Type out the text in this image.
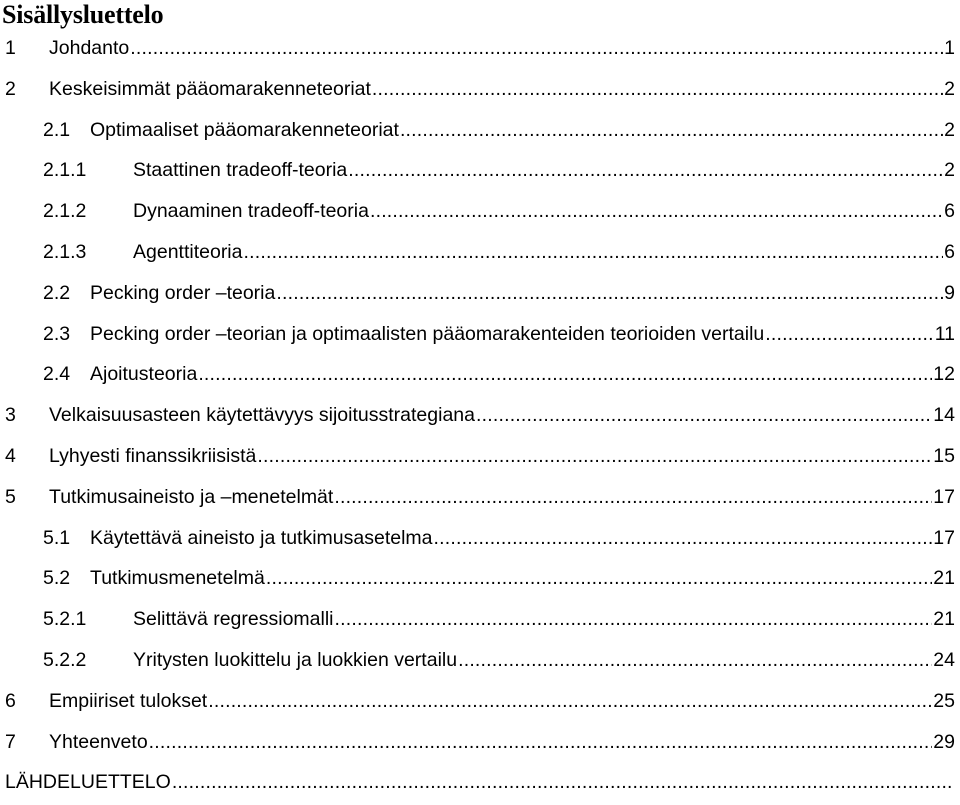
Sisällysluettelo
1	Johdanto .....	1
2	Keskeisimmät pääomarakenneteoriat .....	2
2.1	Optimaaliset pääomarakenneteoriat .....	2
2.1.1	Staattinen tradeoff-teoria .....	2
2.1.2	Dynaaminen tradeoff-teoria .....	6
2.1.3	Agenttiteoria .....	6
2.2	Pecking order –teoria .....	9
2.3	Pecking order –teorian ja optimaalisten pääomarakenteiden teorioiden vertailu .....	11
2.4	Ajoitusteoria .....	12
3	Velkaisuusasteen käytettävyys sijoitusstrategiana .....	14
4	Lyhyesti finanssikriisistä .....	15
5	Tutkimusaineisto ja –menetelmät .....	17
5.1	Käytettävä aineisto ja tutkimusasetelma .....	17
5.2	Tutkimusmenetelmä .....	21
5.2.1	Selittävä regressiomalli .....	21
5.2.2	Yritysten luokittelu ja luokkien vertailu .....	24
6	Empiiriset tulokset .....	25
7	Yhteenveto .....	29
LÄHDELUETTELO
.....
